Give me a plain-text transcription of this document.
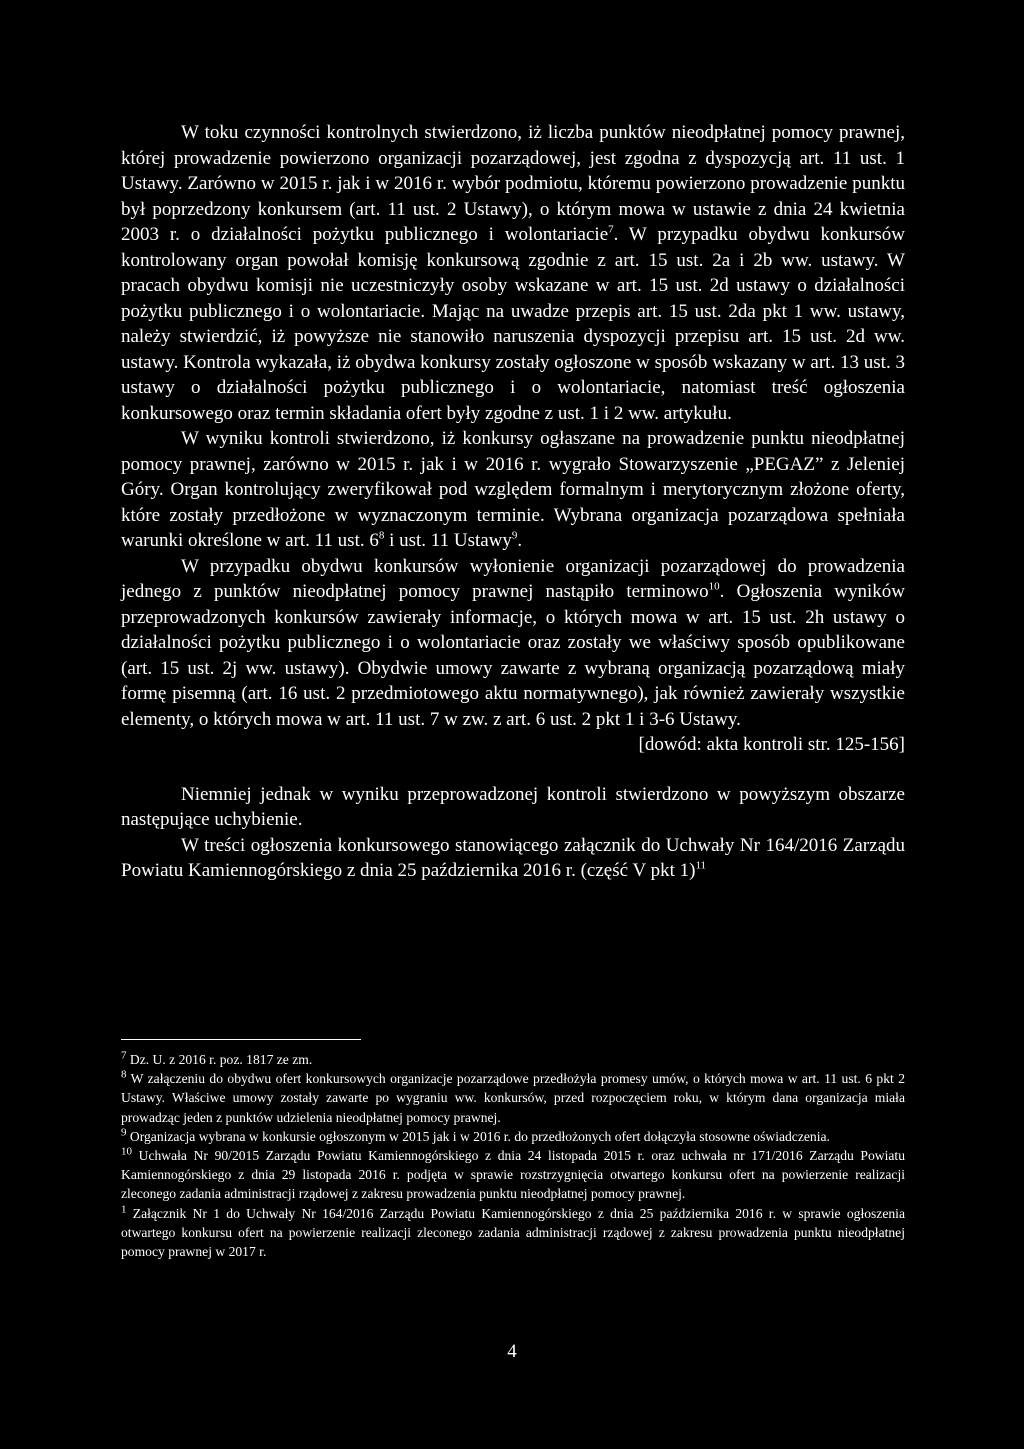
W toku czynności kontrolnych stwierdzono, iż liczba punktów nieodpłatnej pomocy prawnej, której prowadzenie powierzono organizacji pozarządowej, jest zgodna z dyspozycją art. 11 ust. 1 Ustawy. Zarówno w 2015 r. jak i w 2016 r. wybór podmiotu, któremu powierzono prowadzenie punktu był poprzedzony konkursem (art. 11 ust. 2 Ustawy), o którym mowa w ustawie z dnia 24 kwietnia 2003 r. o działalności pożytku publicznego i wolontariacie$^7$. W przypadku obydwu konkursów kontrolowany organ powołał komisję konkursową zgodnie z art. 15 ust. 2a i 2b ww. ustawy. W pracach obydwu komisji nie uczestniczyły osoby wskazane w art. 15 ust. 2d ustawy o działalności pożytku publicznego i o wolontariacie. Mając na uwadze przepis art. 15 ust. 2da pkt 1 ww. ustawy, należy stwierdzić, iż powyższe nie stanowiło naruszenia dyspozycji przepisu art. 15 ust. 2d ww. ustawy. Kontrola wykazała, iż obydwa konkursy zostały ogłoszone w sposób wskazany w art. 13 ust. 3 ustawy o działalności pożytku publicznego i o wolontariacie, natomiast treść ogłoszenia konkursowego oraz termin składania ofert były zgodne z ust. 1 i 2 ww. artykułu.

W wyniku kontroli stwierdzono, iż konkursy ogłaszane na prowadzenie punktu nieodpłatnej pomocy prawnej, zarówno w 2015 r. jak i w 2016 r. wygrało Stowarzyszenie „PEGAZ” z Jeleniej Góry. Organ kontrolujący zweryfikował pod względem formalnym i merytorycznym złożone oferty, które zostały przedłożone w wyznaczonym terminie. Wybrana organizacja pozarządowa spełniała warunki określone w art. 11 ust. $6^8$ i ust. 11 Ustawy$^9$.

W przypadku obydwu konkursów wyłonienie organizacji pozarządowej do prowadzenia jednego z punktów nieodpłatnej pomocy prawnej nastąpiło terminowo$^{10}$. Ogłoszenia wyników przeprowadzonych konkursów zawierały informacje, o których mowa w art. 15 ust. 2h ustawy o działalności pożytku publicznego i o wolontariacie oraz zostały we właściwy sposób opublikowane (art. 15 ust. 2j ww. ustawy). Obydwie umowy zawarte z wybraną organizacją pozarządową miały formę pisemną (art. 16 ust. 2 przedmiotowego aktu normatywnego), jak również zawierały wszystkie elementy, o których mowa w art. 11 ust. 7 w zw. z art. 6 ust. 2 pkt 1 i 3-6 Ustawy.

[dowód: akta kontroli str. 125-156]

Niemniej jednak w wyniku przeprowadzonej kontroli stwierdzono w powyższym obszarze następujące uchybienie.

W treści ogłoszenia konkursowego stanowiącego załącznik do Uchwały Nr 164/2016 Zarządu Powiatu Kamiennogórskiego z dnia 25 października 2016 r. (część V pkt 1)$^{11}$

$^7$ Dz. U. z 2016 r. poz. 1817 ze zm.

$^8$ W załączeniu do obydwu ofert konkursowych organizacje pozarządowe przedłożyła promesy umów, o których mowa w art. 11 ust. 6 pkt 2 Ustawy. Właściwe umowy zostały zawarte po wygraniu ww. konkursów, przed rozpoczęciem roku, w którym dana organizacja miała prowadząc jeden z punktów udzielenia nieodpłatnej pomocy prawnej.

$^9$ Organizacja wybrana w konkursie ogłoszonym w 2015 jak i w 2016 r. do przedłożonych ofert dołączyła stosowne oświadczenia.

$^{10}$ Uchwała Nr 90/2015 Zarządu Powiatu Kamiennogórskiego z dnia 24 listopada 2015 r. oraz uchwała nr 171/2016 Zarządu Powiatu Kamiennogórskiego z dnia 29 listopada 2016 r. podjęta w sprawie rozstrzygnięcia otwartego konkursu ofert na powierzenie realizacji zleconego zadania administracji rządowej z zakresu prowadzenia punktu nieodpłatnej pomocy prawnej.

$^1$ Załącznik Nr 1 do Uchwały Nr 164/2016 Zarządu Powiatu Kamiennogórskiego z dnia 25 października 2016 r. w sprawie ogłoszenia otwartego konkursu ofert na powierzenie realizacji zleconego zadania administracji rządowej z zakresu prowadzenia punktu nieodpłatnej pomocy prawnej w 2017 r.

4
